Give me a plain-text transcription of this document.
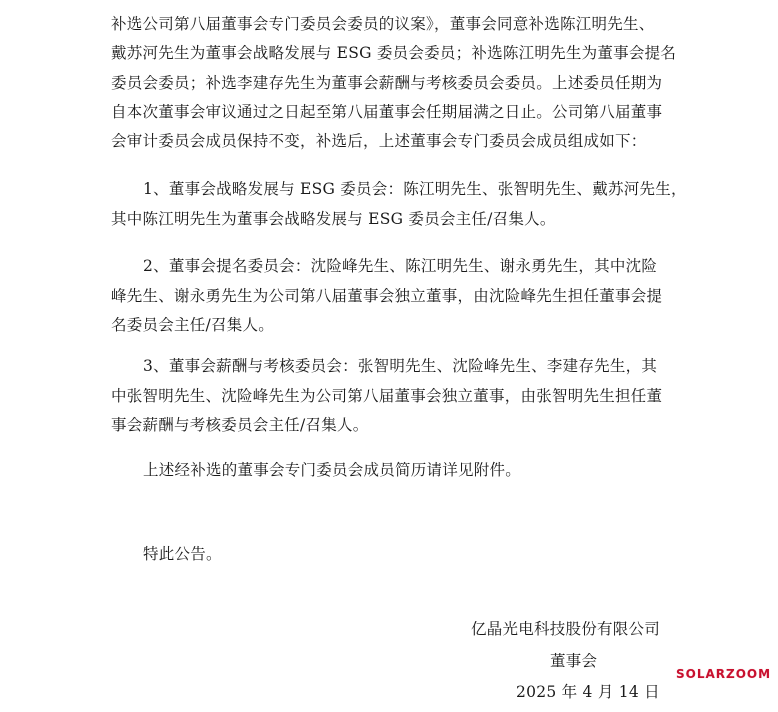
补选公司第八届董事会专门委员会委员的议案》，董事会同意补选陈江明先生、
戴苏河先生为董事会战略发展与 ESG 委员会委员；补选陈江明先生为董事会提名
委员会委员；补选李建存先生为董事会薪酬与考核委员会委员。上述委员任期为
自本次董事会审议通过之日起至第八届董事会任期届满之日止。公司第八届董事
会审计委员会成员保持不变，补选后，上述董事会专门委员会成员组成如下：
1、董事会战略发展与 ESG 委员会：陈江明先生、张智明先生、戴苏河先生，
其中陈江明先生为董事会战略发展与 ESG 委员会主任/召集人。
2、董事会提名委员会：沈险峰先生、陈江明先生、谢永勇先生，其中沈险
峰先生、谢永勇先生为公司第八届董事会独立董事，由沈险峰先生担任董事会提
名委员会主任/召集人。
3、董事会薪酬与考核委员会：张智明先生、沈险峰先生、李建存先生，其
中张智明先生、沈险峰先生为公司第八届董事会独立董事，由张智明先生担任董
事会薪酬与考核委员会主任/召集人。
上述经补选的董事会专门委员会成员简历请详见附件。
特此公告。
亿晶光电科技股份有限公司
董事会
2025 年 4 月 14 日
SOLARZOOM
